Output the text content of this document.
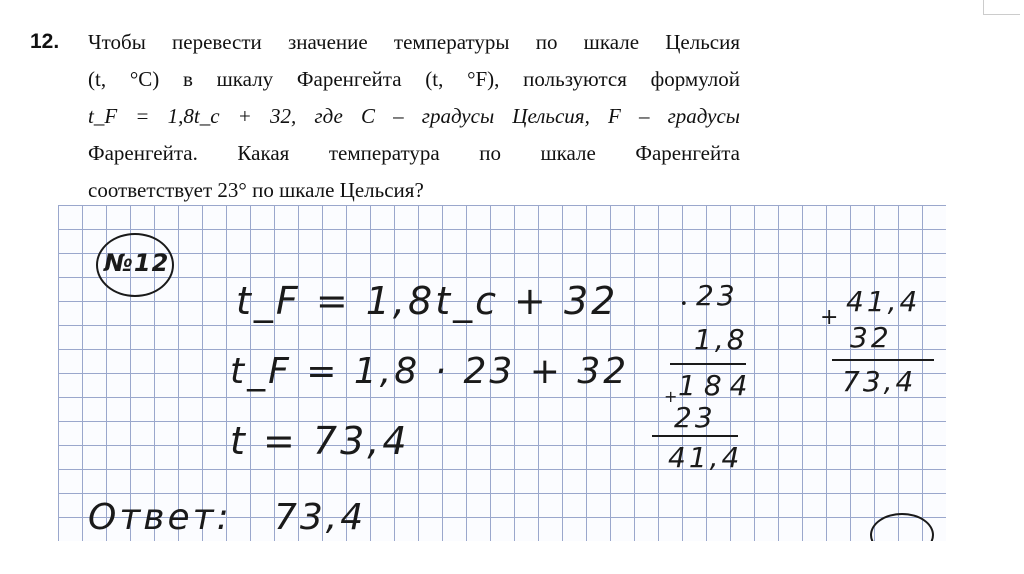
12. Чтобы перевести значение температуры по шкале Цельсия
(t, °C) в шкалу Фаренгейта (t, °F), пользуются формулой
t_F = 1,8t_c + 32, где C – градусы Цельсия, F – градусы
Фаренгейта. Какая температура по шкале Фаренгейта
соответствует 23° по шкале Цельсия?
№12
t_F = 1,8t_c + 32
t_F = 1,8 · 23 + 32
t = 73,4
Ответ: 73,4
• 23
1,8
184
+
23
41,4
+ 41,4
32
73,4
